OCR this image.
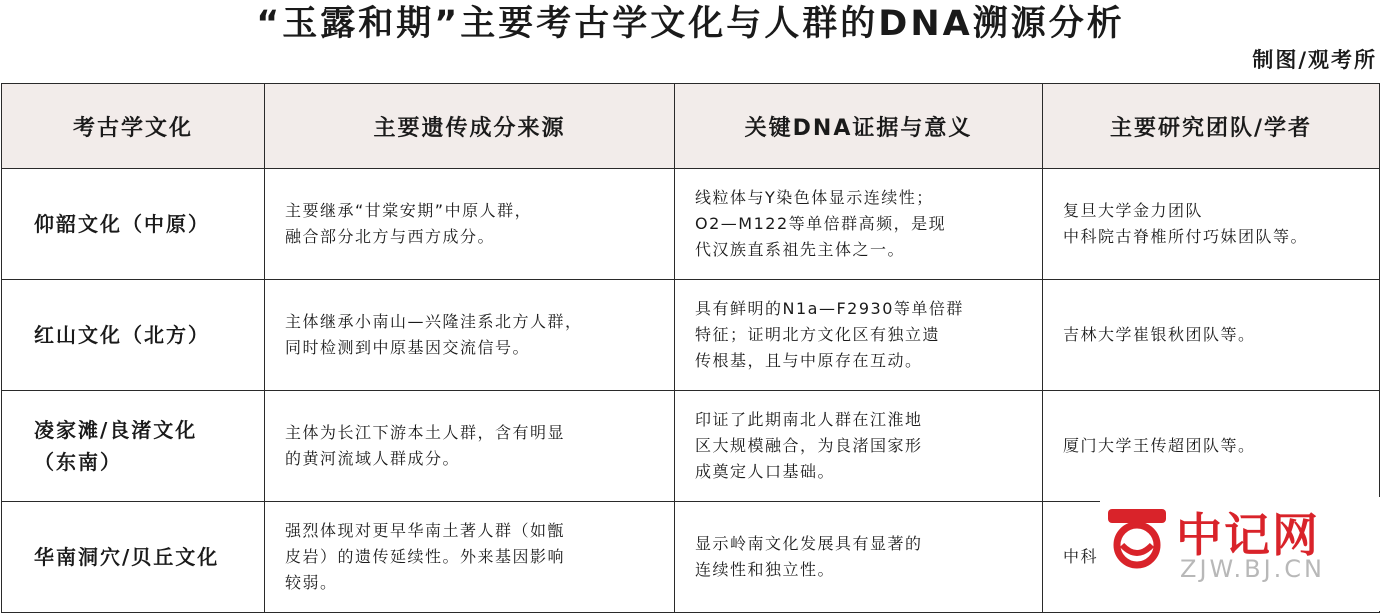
“玉露和期”主要考古学文化与人群的DNA溯源分析
制图/观考所
考古学文化	主要遗传成分来源	关键DNA证据与意义	主要研究团队/学者

仰韶文化（中原）	主要继承“甘棠安期”中原人群，
融合部分北方与西方成分。	线粒体与Y染色体显示连续性；
O2—M122等单倍群高频，是现
代汉族直系祖先主体之一。	复旦大学金力团队
中科院古脊椎所付巧妹团队等。

红山文化（北方）	主体继承小南山—兴隆洼系北方人群，
同时检测到中原基因交流信号。	具有鲜明的N1a—F2930等单倍群
特征；证明北方文化区有独立遗
传根基，且与中原存在互动。	吉林大学崔银秋团队等。

凌家滩/良渚文化
（东南）	主体为长江下游本土人群，含有明显
的黄河流域人群成分。	印证了此期南北人群在江淮地
区大规模融合，为良渚国家形
成奠定人口基础。	厦门大学王传超团队等。

华南洞穴/贝丘文化	强烈体现对更早华南土著人群（如甑
皮岩）的遗传延续性。外来基因影响
较弱。	显示岭南文化发展具有显著的
连续性和独立性。	中科	中记网
ZJW.BJ.CN
